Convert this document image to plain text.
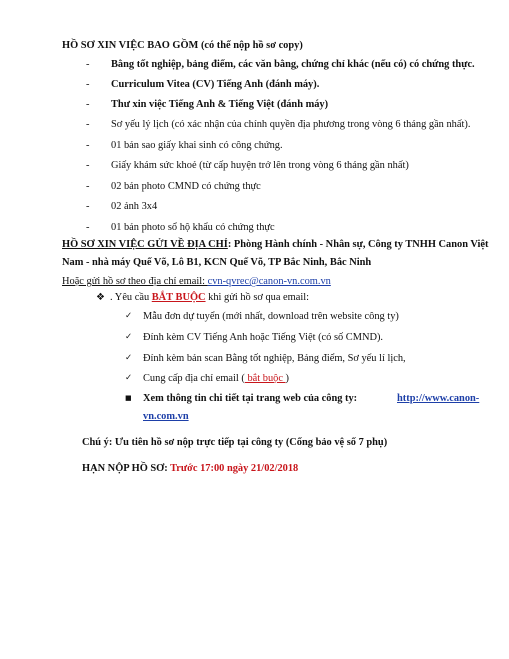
HỒ SƠ XIN VIỆC BAO GỒM (có thể nộp hồ sơ copy)
- Bằng tốt nghiệp, bảng điểm, các văn bằng, chứng chỉ khác (nếu có) có chứng thực.
- Curriculum Vitea (CV) Tiếng Anh (đánh máy).
- Thư xin việc Tiếng Anh & Tiếng Việt (đánh máy)
- Sơ yếu lý lịch (có xác nhận của chính quyền địa phương trong vòng 6 tháng gần nhất).
- 01 bản sao giấy khai sinh có công chứng.
- Giấy khám sức khoẻ (từ cấp huyện trở lên trong vòng 6 tháng gần nhất)
- 02 bản photo CMND có chứng thực
- 02 ảnh 3x4
- 01 bản photo sổ hộ khẩu có chứng thực
HỒ SƠ XIN VIỆC GỬI VỀ ĐỊA CHỈ: Phòng Hành chính - Nhân sự, Công ty TNHH Canon Việt
Nam - nhà máy Quế Võ, Lô B1, KCN Quế Võ, TP Bắc Ninh, Bắc Ninh
Hoặc gửi hồ sơ theo địa chỉ email: cvn-qvrec@canon-vn.com.vn
❖ . Yêu cầu BẮT BUỘC khi gửi hồ sơ qua email:
✓ Mẫu đơn dự tuyển (mới nhất, download trên website công ty)
✓ Đính kèm CV Tiếng Anh hoặc Tiếng Việt (có số CMND).
✓ Đính kèm bản scan Bằng tốt nghiệp, Bảng điểm, Sơ yếu lí lịch,
✓ Cung cấp địa chỉ email ( bắt buộc )
■ Xem thông tin chi tiết tại trang web của công ty:	http://www.canon-
vn.com.vn
Chú ý: Ưu tiên hồ sơ nộp trực tiếp tại công ty (Cổng bảo vệ số 7 phụ)
HẠN NỘP HỒ SƠ: Trước 17:00 ngày 21/02/2018
